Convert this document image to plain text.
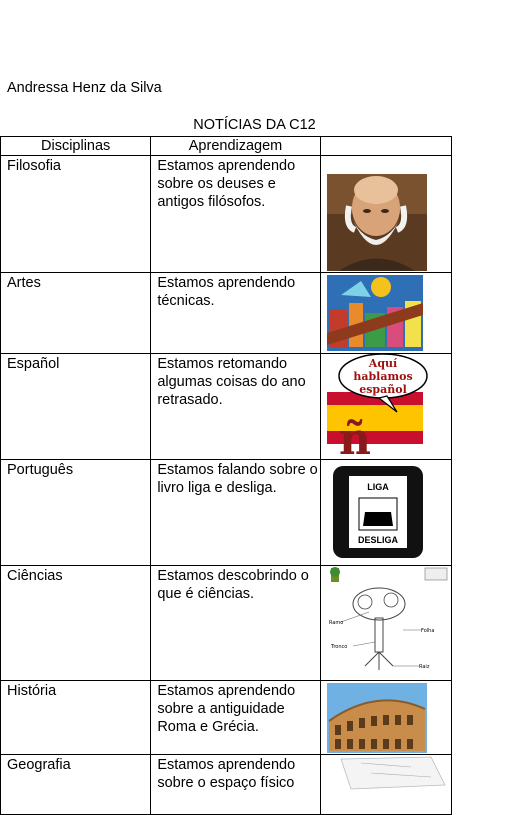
Andressa Henz da Silva
NOTÍCIAS DA C12
Disciplinas	Aprendizagem	
Filosofia	Estamos aprendendo sobre os deuses e antigos filósofos.	

Artes	Estamos aprendendo técnicas.	

Español	Estamos retomando algumas coisas do ano retrasado.	Aquí
hablamos
español
ñ

Português	Estamos falando sobre o livro liga e desliga.	LIGA
DESLIGA

Ciências	Estamos descobrindo o que é ciências.	Ramo
Folha
Tronco
Raiz

História	Estamos aprendendo sobre a antiguidade Roma e Grécia.	

Geografia	Estamos aprendendo sobre o espaço físico	
